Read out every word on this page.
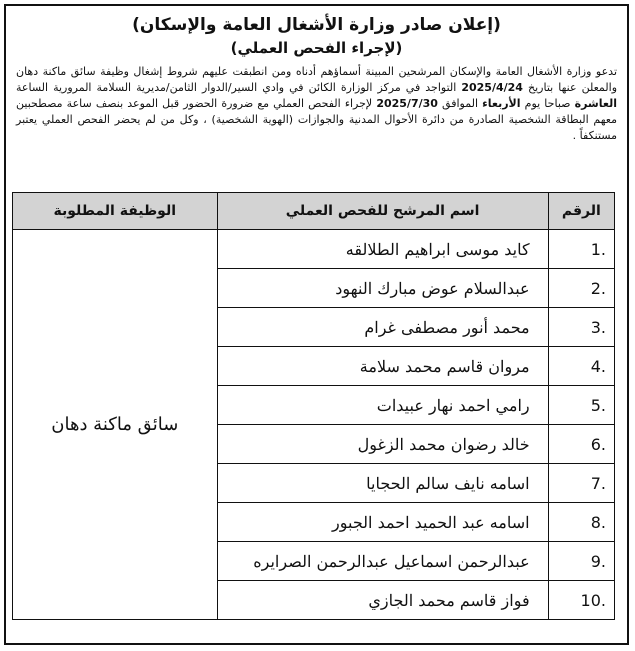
(إعلان صادر وزارة الأشغال العامة والإسكان)
(لإجراء الفحص العملي)

تدعو وزارة الأشغال العامة والإسكان المرشحين المبينة أسماؤهم أدناه ومن انطبقت عليهم شروط إشغال وظيفة سائق ماكنة دهان والمعلن عنها بتاريخ 2025/4/24 التواجد في مركز الوزارة الكائن في وادي السير/الدوار الثامن/مديرية السلامة المرورية الساعة العاشرة صباحا يوم الأربعاء الموافق 2025/7/30 لإجراء الفحص العملي مع ضرورة الحضور قبل الموعد بنصف ساعة مصطحبين معهم البطاقة الشخصية الصادرة من دائرة الأحوال المدنية والجوازات (الهوية الشخصية) ، وكل من لم يحضر الفحص العملي يعتبر مستنكفاً .

الرقم	اسم المرشح للفحص العملي	الوظيفة المطلوبة
1.	كايد موسى ابراهيم الطلالقه	سائق ماكنة دهان
2.	عبدالسلام عوض مبارك النهود	
3.	محمد أنور مصطفى غرام	
4.	مروان قاسم محمد سلامة	
5.	رامي احمد نهار عبيدات	
6.	خالد رضوان محمد الزغول	
7.	اسامه نايف سالم الحجايا	
8.	اسامه عبد الحميد احمد الجبور	
9.	عبدالرحمن اسماعيل عبدالرحمن الصرايره	
10.	فواز قاسم محمد الجازي	
